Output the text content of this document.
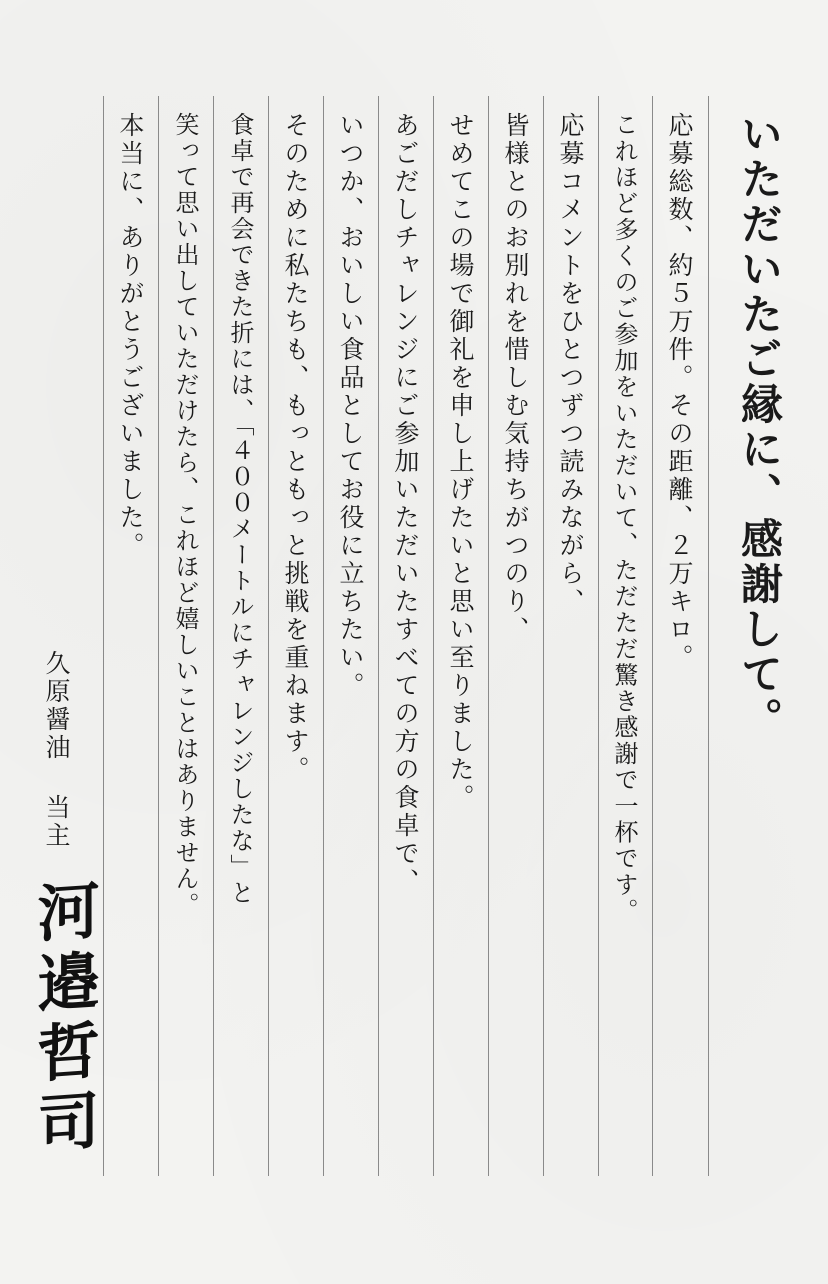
いただいたご縁に、感謝して。
応募総数、約５万件。その距離、２万キロ。
これほど多くのご参加をいただいて、ただただ驚き感謝で一杯です。
応募コメントをひとつずつ読みながら、
皆様とのお別れを惜しむ気持ちがつのり、
せめてこの場で御礼を申し上げたいと思い至りました。
あごだしチャレンジにご参加いただいたすべての方の食卓で、
いつか、おいしい食品としてお役に立ちたい。
そのために私たちも、もっともっと挑戦を重ねます。
食卓で再会できた折には、「４００メートルにチャレンジしたな」と
笑って思い出していただけたら、これほど嬉しいことはありません。
本当に、ありがとうございました。
久原醤油 当主
河邉哲司
